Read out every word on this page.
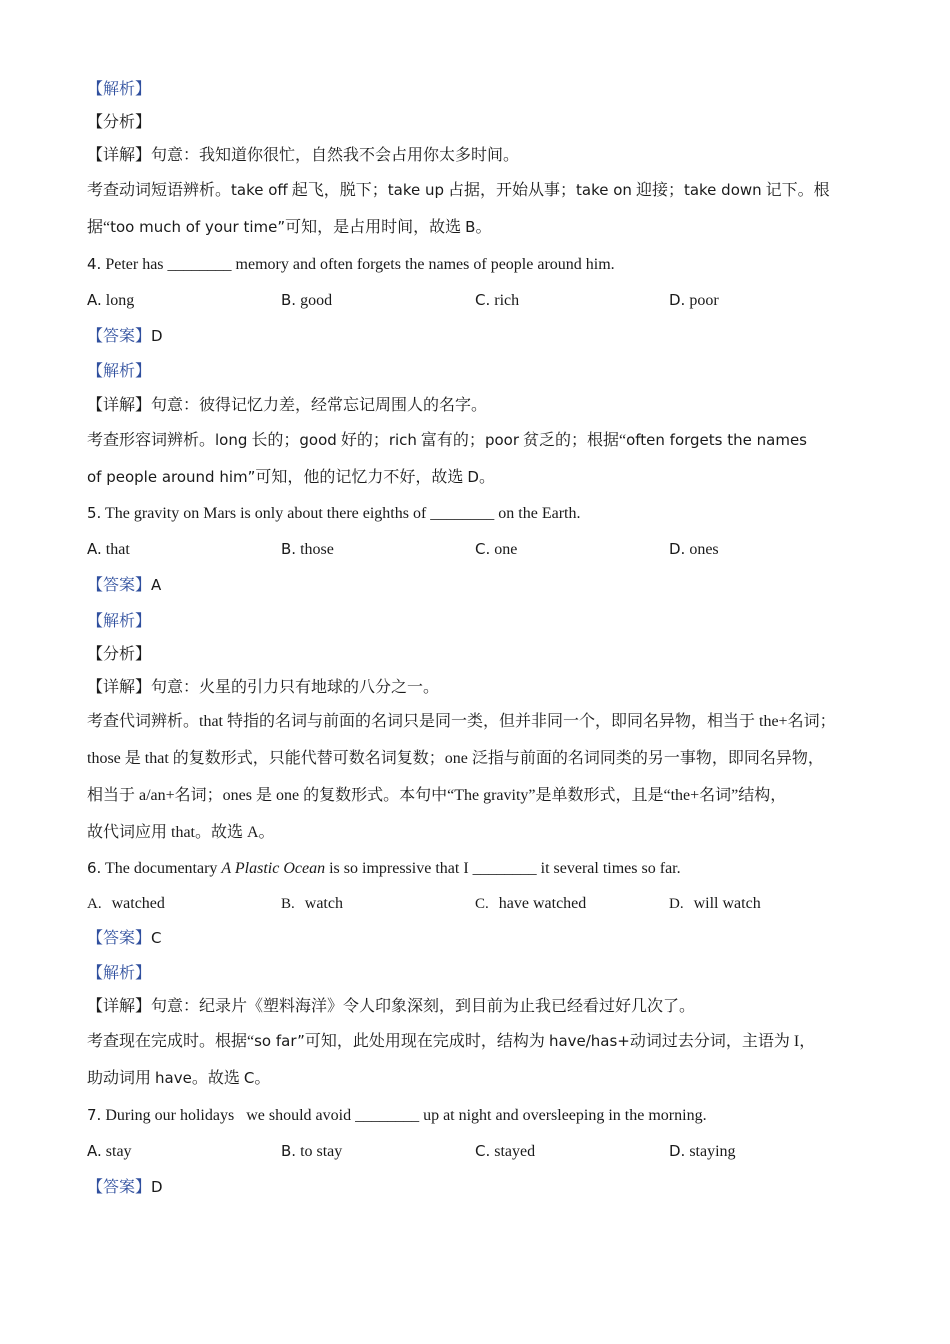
【解析】
【分析】
【详解】句意：我知道你很忙，自然我不会占用你太多时间。
考查动词短语辨析。take off 起飞，脱下；take up 占据，开始从事；take on 迎接；take down 记下。根
据“too much of your time”可知，是占用时间，故选 B。
4. Peter has ________ memory and often forgets the names of people around him.
A. long	B. good	C. rich	D. poor
【答案】D
【解析】
【详解】句意：彼得记忆力差，经常忘记周围人的名字。
考查形容词辨析。long 长的；good 好的；rich 富有的；poor 贫乏的；根据“often forgets the names
of people around him”可知，他的记忆力不好，故选 D。
5. The gravity on Mars is only about there eighths of ________ on the Earth.
A. that	B. those	C. one	D. ones
【答案】A
【解析】
【分析】
【详解】句意：火星的引力只有地球的八分之一。
考查代词辨析。that 特指的名词与前面的名词只是同一类，但并非同一个，即同名异物，相当于 the+名词；
those 是 that 的复数形式，只能代替可数名词复数；one 泛指与前面的名词同类的另一事物，即同名异物，
相当于 a/an+名词；ones 是 one 的复数形式。本句中“The gravity”是单数形式，且是“the+名词”结构，
故代词应用 that。故选 A。
6. The documentary A Plastic Ocean is so impressive that I ________ it several times so far.
A. watched	B. watch	C. have watched	D. will watch
【答案】C
【解析】
【详解】句意：纪录片《塑料海洋》令人印象深刻，到目前为止我已经看过好几次了。
考查现在完成时。根据“so far”可知，此处用现在完成时，结构为 have/has+动词过去分词，主语为 I，
助动词用 have。故选 C。
7. During our holidays   we should avoid ________ up at night and oversleeping in the morning.
A. stay	B. to stay	C. stayed	D. staying
【答案】D
